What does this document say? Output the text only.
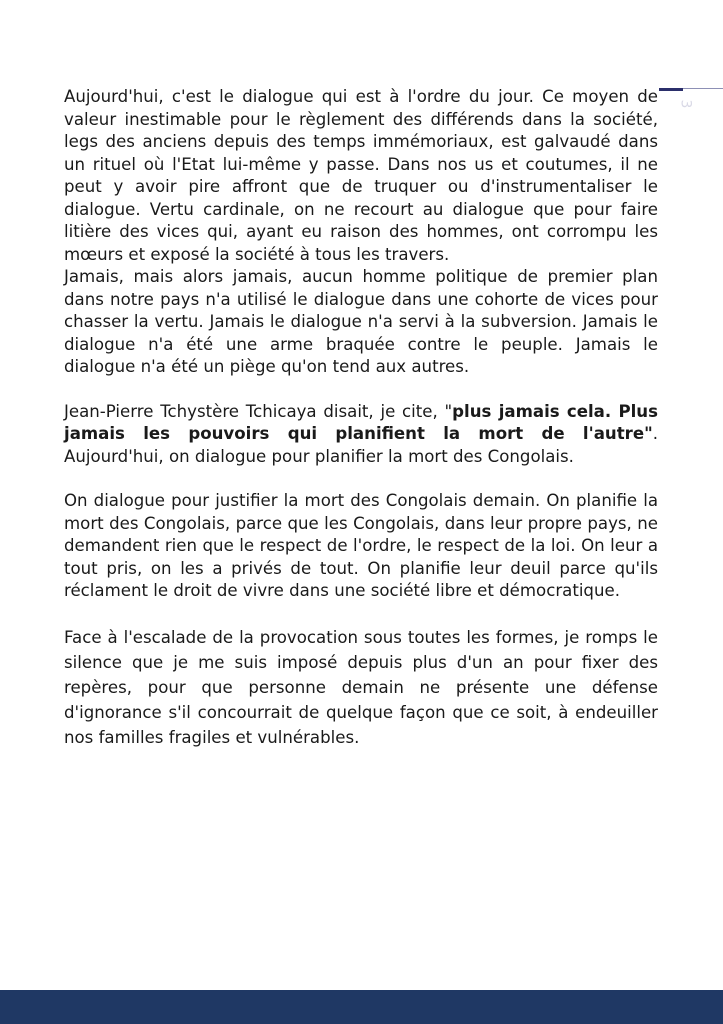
3

Aujourd'hui, c'est le dialogue qui est à l'ordre du jour. Ce moyen de valeur inestimable pour le règlement des différends dans la société, legs des anciens depuis des temps immémoriaux, est galvaudé dans un rituel où l'Etat lui-même y passe. Dans nos us et coutumes, il ne peut y avoir pire affront que de truquer ou d'instrumentaliser le dialogue. Vertu cardinale, on ne recourt au dialogue que pour faire litière des vices qui, ayant eu raison des hommes, ont corrompu les mœurs et exposé la société à tous les travers.

Jamais, mais alors jamais, aucun homme politique de premier plan dans notre pays n'a utilisé le dialogue dans une cohorte de vices pour chasser la vertu. Jamais le dialogue n'a servi à la subversion. Jamais le dialogue n'a été une arme braquée contre le peuple. Jamais le dialogue n'a été un piège qu'on tend aux autres.

Jean-Pierre Tchystère Tchicaya disait, je cite, "plus jamais cela. Plus jamais les pouvoirs qui planifient la mort de l'autre". Aujourd'hui, on dialogue pour planifier la mort des Congolais.

On dialogue pour justifier la mort des Congolais demain. On planifie la mort des Congolais, parce que les Congolais, dans leur propre pays, ne demandent rien que le respect de l'ordre, le respect de la loi. On leur a tout pris, on les a privés de tout. On planifie leur deuil parce qu'ils réclament le droit de vivre dans une société libre et démocratique.

Face à l'escalade de la provocation sous toutes les formes, je romps le silence que je me suis imposé depuis plus d'un an pour fixer des repères, pour que personne demain ne présente une défense d'ignorance s'il concourrait de quelque façon que ce soit, à endeuiller nos familles fragiles et vulnérables.
